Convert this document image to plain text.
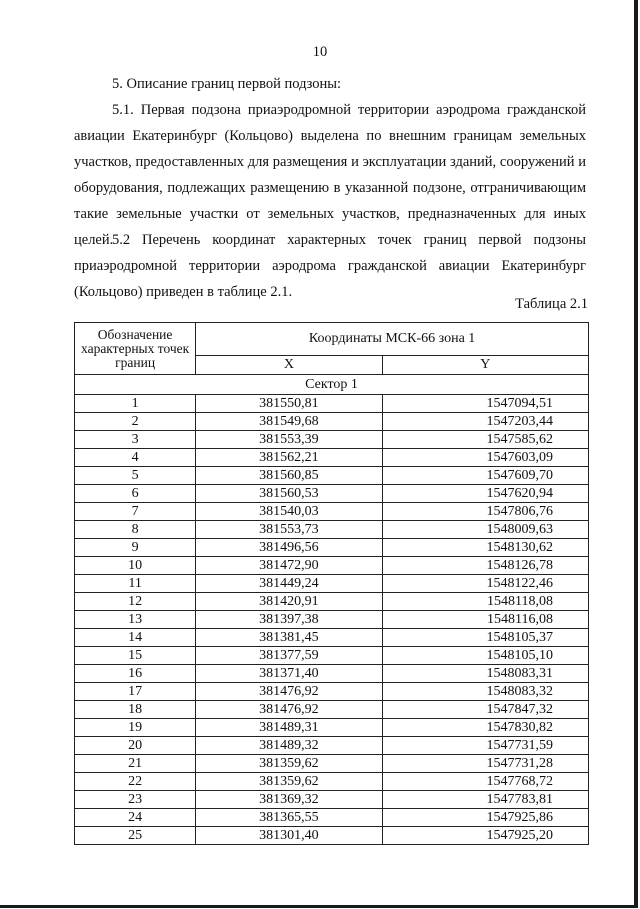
10
5. Описание границ первой подзоны:
5.1. Первая подзона приаэродромной территории аэродрома гражданской авиации Екатеринбург (Кольцово) выделена по внешним границам земельных участков, предоставленных для размещения и эксплуатации зданий, сооружений и оборудования, подлежащих размещению в указанной подзоне, отграничивающим такие земельные участки от земельных участков, предназначенных для иных целей.
5.2 Перечень координат характерных точек границ первой подзоны приаэродромной территории аэродрома гражданской авиации Екатеринбург (Кольцово) приведен в таблице 2.1.
Таблица 2.1
Обозначение характерных точек границ	Координаты МСК-66 зона 1	
	X	Y
Сектор 1		
1	381550,81	1547094,51
2	381549,68	1547203,44
3	381553,39	1547585,62
4	381562,21	1547603,09
5	381560,85	1547609,70
6	381560,53	1547620,94
7	381540,03	1547806,76
8	381553,73	1548009,63
9	381496,56	1548130,62
10	381472,90	1548126,78
11	381449,24	1548122,46
12	381420,91	1548118,08
13	381397,38	1548116,08
14	381381,45	1548105,37
15	381377,59	1548105,10
16	381371,40	1548083,31
17	381476,92	1548083,32
18	381476,92	1547847,32
19	381489,31	1547830,82
20	381489,32	1547731,59
21	381359,62	1547731,28
22	381359,62	1547768,72
23	381369,32	1547783,81
24	381365,55	1547925,86
25	381301,40	1547925,20
